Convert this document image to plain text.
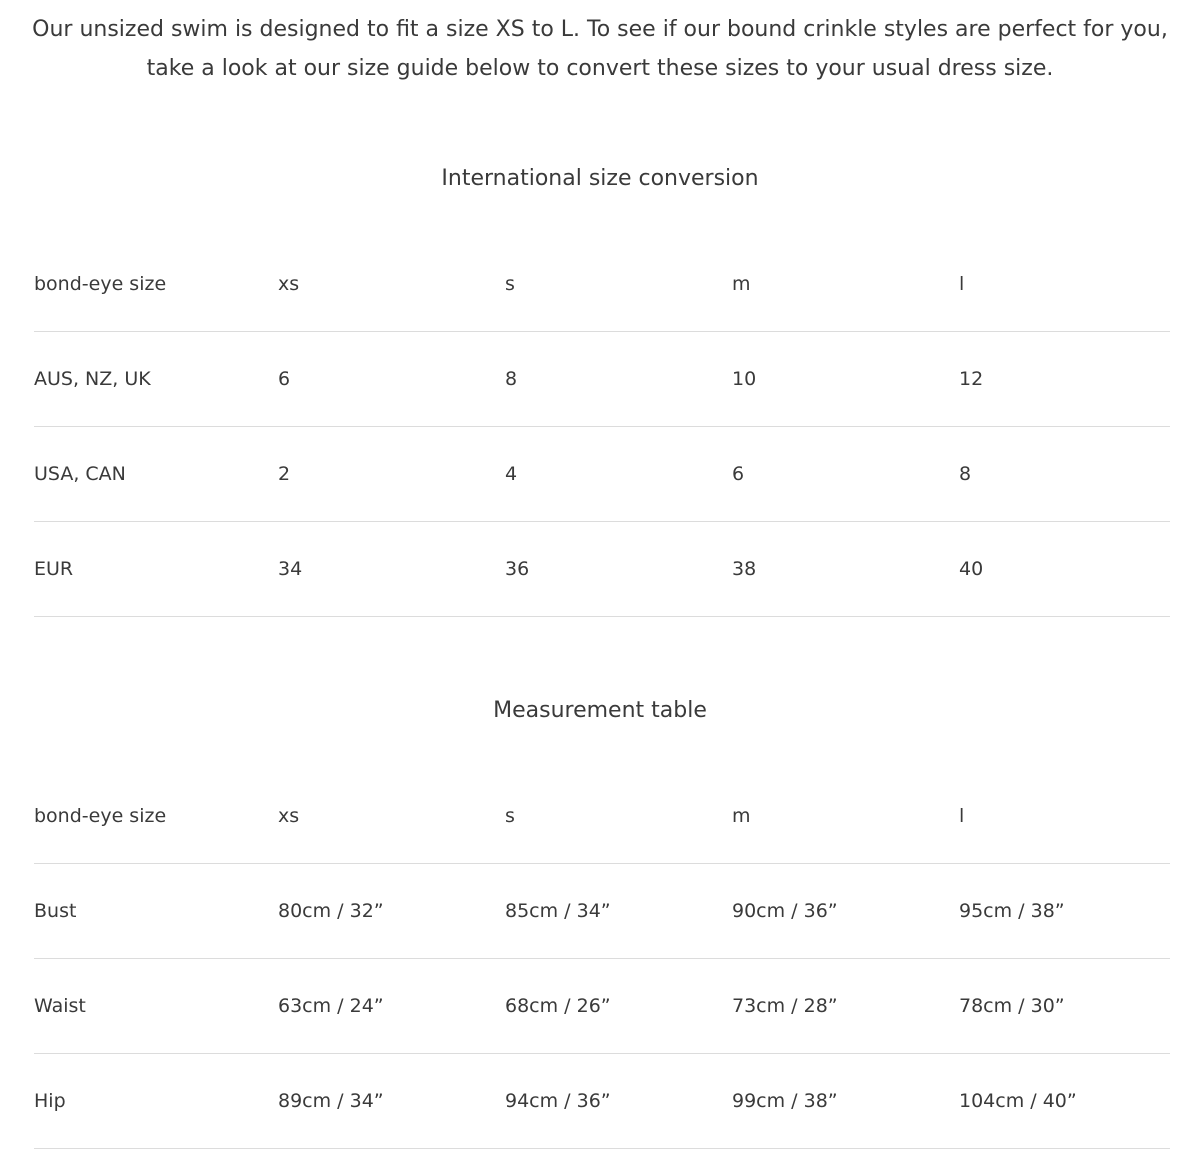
Our unsized swim is designed to fit a size XS to L. To see if our bound crinkle styles are perfect for you, take a look at our size guide below to convert these sizes to your usual dress size.

International size conversion
bond-eye size	xs	s	m	l
AUS, NZ, UK	6	8	10	12
USA, CAN	2	4	6	8
EUR	34	36	38	40
Measurement table
bond-eye size	xs	s	m	l
Bust	80cm / 32”	85cm / 34”	90cm / 36”	95cm / 38”
Waist	63cm / 24”	68cm / 26”	73cm / 28”	78cm / 30”
Hip	89cm / 34”	94cm / 36”	99cm / 38”	104cm / 40”
